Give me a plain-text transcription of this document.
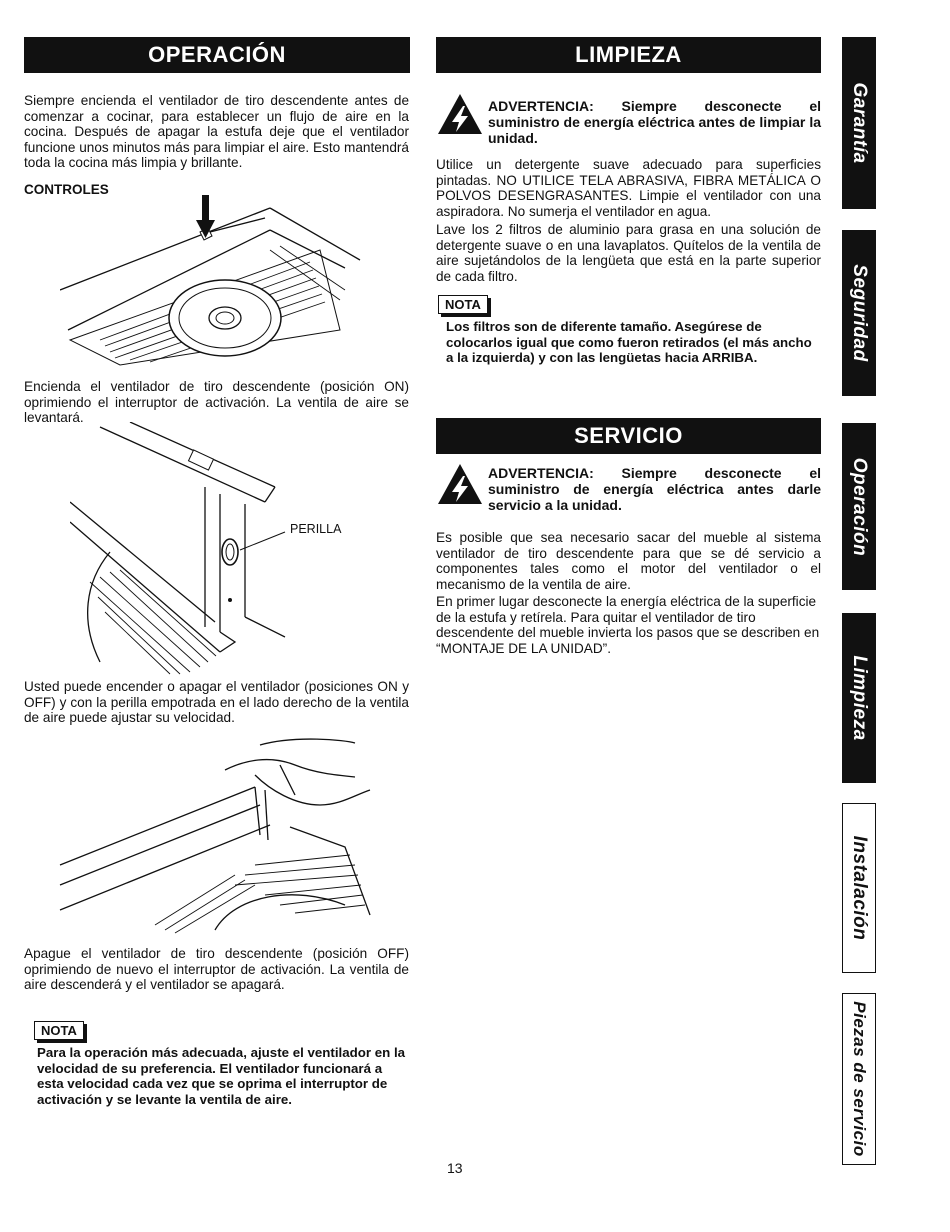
OPERACIÓN

Siempre encienda el ventilador de tiro descendente antes de comenzar a cocinar, para establecer un flujo de aire en la cocina. Después de apagar la estufa deje que el ventilador funcione unos minutos más para limpiar el aire. Esto mantendrá toda la cocina más limpia y brillante.

CONTROLES

Encienda el ventilador de tiro descendente (posición ON) oprimiendo el interruptor de activación. La ventila de aire se levantará.

PERILLA

Usted puede encender o apagar el ventilador (posiciones ON y OFF) y con la perilla empotrada en el lado derecho de la ventila de aire puede ajustar su velocidad.

Apague el ventilador de tiro descendente (posición OFF) oprimiendo de nuevo el interruptor de activación. La ventila de aire descenderá y el ventilador se apagará.

NOTA

Para la operación más adecuada, ajuste el ventilador en la velocidad de su preferencia. El ventilador funcionará a esta velocidad cada vez que se oprima el interruptor de activación y se levante la ventila de aire.

LIMPIEZA
ADVERTENCIA: Siempre desconecte el suministro de energía eléctrica antes de limpiar la unidad.

Utilice un detergente suave adecuado para superficies pintadas. NO UTILICE TELA ABRASIVA, FIBRA METÁLICA O POLVOS DESENGRASANTES. Limpie el ventilador con una aspiradora. No sumerja el ventilador en agua.

Lave los 2 filtros de aluminio para grasa en una solución de detergente suave o en una lavaplatos. Quítelos de la ventila de aire sujetándolos de la lengüeta que está en la parte superior de cada filtro.

NOTA

Los filtros son de diferente tamaño. Asegúrese de colocarlos igual que como fueron retirados (el más ancho a la izquierda) y con las lengüetas hacia ARRIBA.

SERVICIO
ADVERTENCIA: Siempre desconecte el suministro de energía eléctrica antes darle servicio a la unidad.

Es posible que sea necesario sacar del mueble al sistema ventilador de tiro descendente para que se dé servicio a componentes tales como el motor del ventilador o el mecanismo de la ventila de aire.

En primer lugar desconecte la energía eléctrica de la superficie de la estufa y retírela. Para quitar el ventilador de tiro descendente del mueble invierta los pasos que se describen en “MONTAJE DE LA UNIDAD”.

Garantía
Seguridad
Operación
Limpieza
Instalación
Piezas de servicio
13
